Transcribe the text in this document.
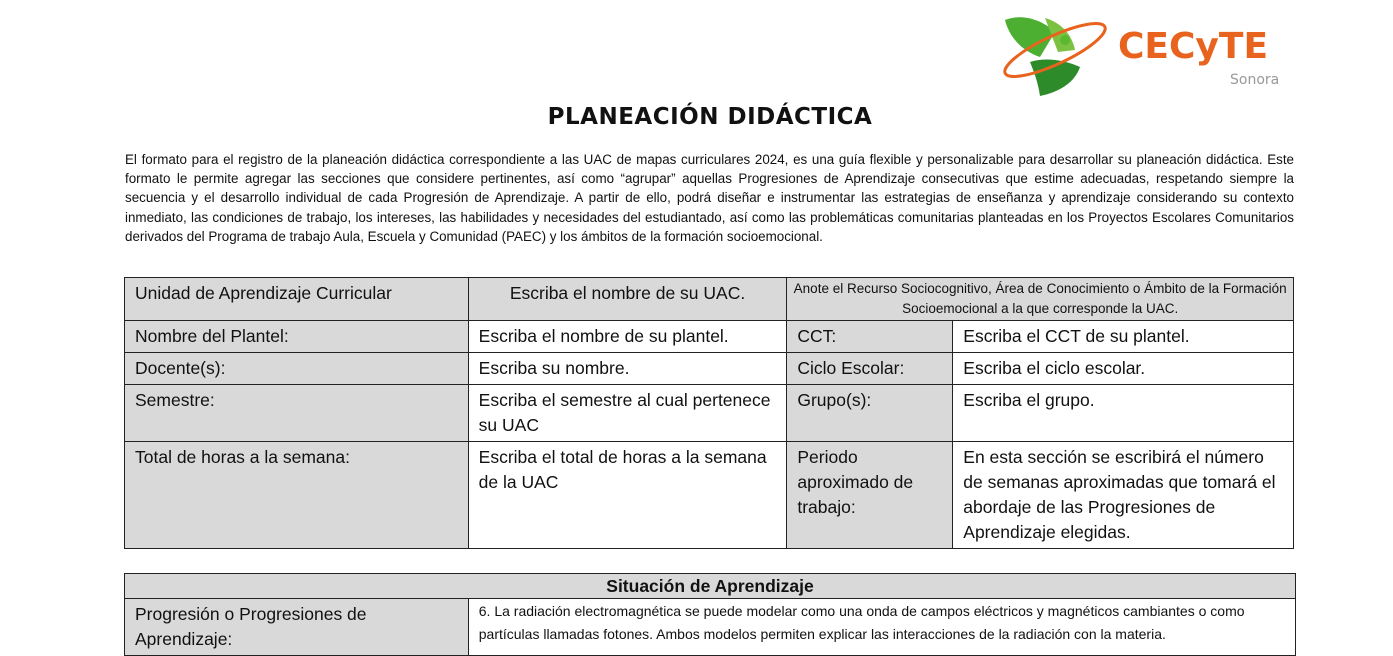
CECyTE
Sonora
PLANEACIÓN DIDÁCTICA

El formato para el registro de la planeación didáctica correspondiente a las UAC de mapas curriculares 2024, es una guía flexible y personalizable para desarrollar su planeación didáctica. Este formato le permite agregar las secciones que considere pertinentes, así como “agrupar” aquellas Progresiones de Aprendizaje consecutivas que estime adecuadas, respetando siempre la secuencia y el desarrollo individual de cada Progresión de Aprendizaje. A partir de ello, podrá diseñar e instrumentar las estrategias de enseñanza y aprendizaje considerando su contexto inmediato, las condiciones de trabajo, los intereses, las habilidades y necesidades del estudiantado, así como las problemáticas comunitarias planteadas en los Proyectos Escolares Comunitarios derivados del Programa de trabajo Aula, Escuela y Comunidad (PAEC) y los ámbitos de la formación socioemocional.

Unidad de Aprendizaje Curricular	Escriba el nombre de su UAC.	Anote el Recurso Sociocognitivo, Área de Conocimiento o Ámbito de la Formación Socioemocional a la que corresponde la UAC.	
Nombre del Plantel:	Escriba el nombre de su plantel.	CCT:	Escriba el CCT de su plantel.
Docente(s):	Escriba su nombre.	Ciclo Escolar:	Escriba el ciclo escolar.
Semestre:	Escriba el semestre al cual pertenece su UAC	Grupo(s):	Escriba el grupo.
Total de horas a la semana:	Escriba el total de horas a la semana de la UAC	Periodo aproximado de trabajo:	En esta sección se escribirá el número de semanas aproximadas que tomará el abordaje de las Progresiones de Aprendizaje elegidas.
Situación de Aprendizaje
Progresión o Progresiones de Aprendizaje:	6. La radiación electromagnética se puede modelar como una onda de campos eléctricos y magnéticos cambiantes o como partículas llamadas fotones. Ambos modelos permiten explicar las interacciones de la radiación con la materia.
